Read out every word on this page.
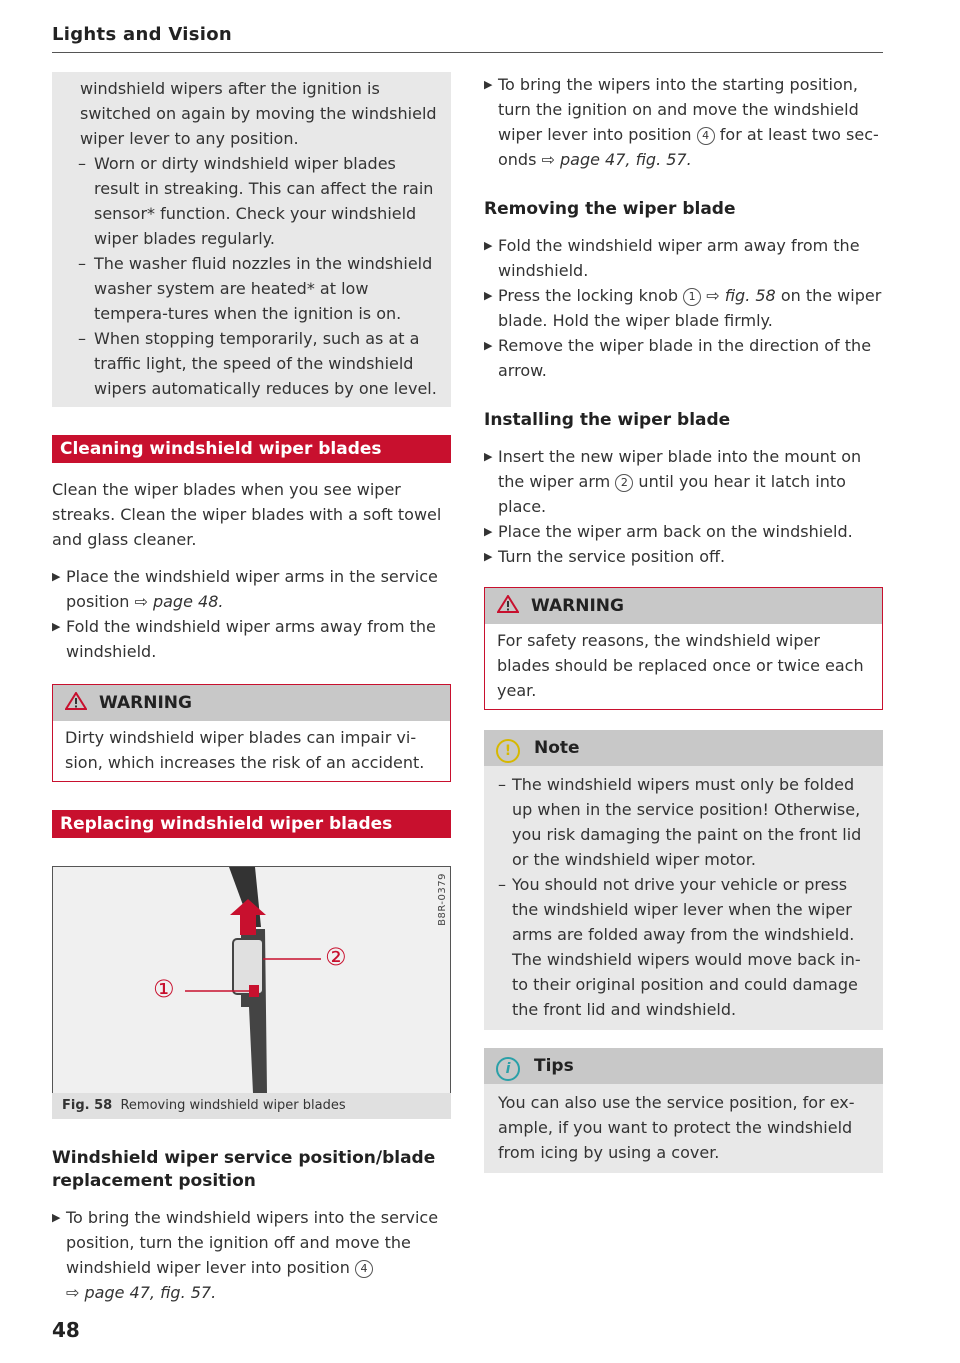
Lights and Vision

windshield wipers after the ignition is switched on again by moving the windshield wiper lever to any position.

– Worn or dirty windshield wiper blades result in streaking. This can affect the rain sensor* function. Check your windshield wiper blades regularly.
– The washer fluid nozzles in the windshield washer system are heated* at low tempera-tures when the ignition is on.
– When stopping temporarily, such as at a traffic light, the speed of the windshield wipers automatically reduces by one level.
Cleaning windshield wiper blades

Clean the wiper blades when you see wiper streaks. Clean the wiper blades with a soft towel and glass cleaner.

▶ Place the windshield wiper arms in the service position ⇨ page 48.
▶ Fold the windshield wiper arms away from the windshield.
WARNING
Dirty windshield wiper blades can impair vi-sion, which increases the risk of an accident.
Replacing windshield wiper blades
B8R-0379
①
②
Fig. 58 Removing windshield wiper blades
Windshield wiper service position/blade replacement position
▶ To bring the windshield wipers into the service position, turn the ignition off and move the windshield wiper lever into position 4
⇨ page 47, fig. 57.
▶ To bring the wipers into the starting position, turn the ignition on and move the windshield wiper lever into position 4 for at least two sec-onds ⇨ page 47, fig. 57.
Removing the wiper blade
▶ Fold the windshield wiper arm away from the windshield.
▶ Press the locking knob 1 ⇨ fig. 58 on the wiper blade. Hold the wiper blade firmly.
▶ Remove the wiper blade in the direction of the arrow.
Installing the wiper blade
▶ Insert the new wiper blade into the mount on the wiper arm 2 until you hear it latch into place.
▶ Place the wiper arm back on the windshield.
▶ Turn the service position off.
WARNING
For safety reasons, the windshield wiper blades should be replaced once or twice each year.
! Note
– The windshield wipers must only be folded up when in the service position! Otherwise, you risk damaging the paint on the front lid or the windshield wiper motor.
– You should not drive your vehicle or press the windshield wiper lever when the wiper arms are folded away from the windshield. The windshield wipers would move back in-to their original position and could damage the front lid and windshield.
i Tips
You can also use the service position, for ex-ample, if you want to protect the windshield from icing by using a cover.
48
